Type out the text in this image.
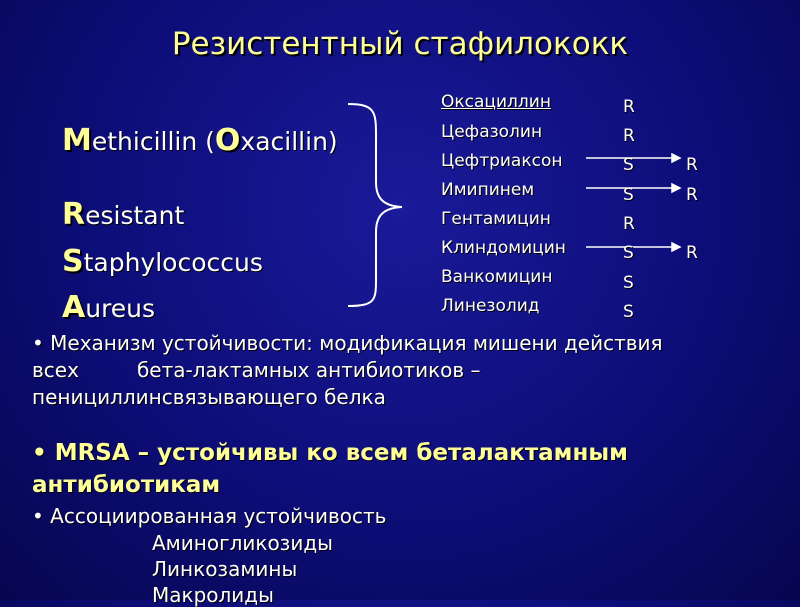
Резистентный стафилококк
Methicillin (Oxacillin)
Resistant
Staphylococcus
Aureus
Оксациллин
Цефазолин
Цефтриаксон
Имипинем
Гентамицин
Клиндомицин
Ванкомицин
Линезолид
R
R
S
S
R
S
S
S
R
R
R
• Механизм устойчивости: модификация мишени действия
всех	бета-лактамных антибиотиков –
пенициллинсвязывающего белка
• MRSA – устойчивы ко всем беталактамным
антибиотикам
• Ассоциированная устойчивость
Аминогликозиды
Линкозамины
Макролиды
